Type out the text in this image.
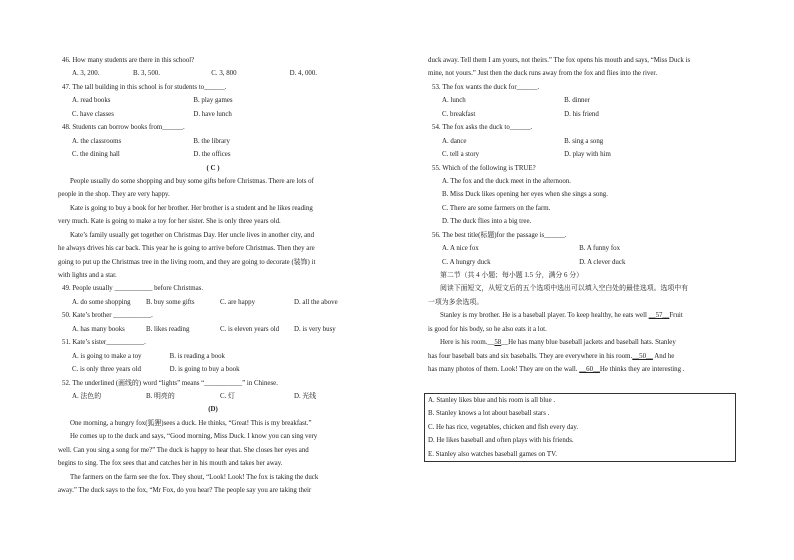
46. How many students are there in this school?
A. 3, 200.	B. 3, 500.	C. 3, 800	D. 4, 000.
47. The tall building in this school is for students to______.
A. read books	B. play games
C. have classes	D. have lunch
48. Students can borrow books from______.
A. the classrooms	B. the library
C. the dining hall	D. the offices
( C )
People usually do some shopping and buy some gifts before Christmas. There are lots of
people in the shop. They are very happy.
Kate is going to buy a book for her brother. Her brother is a student and he likes reading
very much. Kate is going to make a toy for her sister. She is only three years old.
Kate’s family usually get together on Christmas Day. Her uncle lives in another city, and
he always drives his car back. This year he is going to arrive before Christmas. Then they are
going to put up the Christmas tree in the living room, and they are going to decorate (装饰) it
with lights and a star.
49. People usually ___________ before Christmas.
A. do some shopping	B. buy some gifts	C. are happy	D. all the above
50. Kate’s brother ___________.
A. has many books	B. likes reading	C. is eleven years old	D. is very busy
51. Kate’s sister___________.
A. is going to make a toy	B. is reading a book
C. is only three years old	D. is going to buy a book
52. The underlined (画线的) word “lights” means “___________” in Chinese.
A. 法色的	B. 明亮的	C. 灯	D. 光线
(D)
One morning, a hungry fox(狐狸)sees a duck. He thinks, “Great! This is my breakfast.”
He comes up to the duck and says, “Good morning, Miss Duck. I know you can sing very
well. Can you sing a song for me?” The duck is happy to hear that. She closes her eyes and
begins to sing. The fox sees that and catches her in his mouth and takes her away.
The farmers on the farm see the fox. They shout, “Look! Look! The fox is taking the duck
away.” The duck says to the fox, “Mr Fox, do you hear? The people say you are taking their
duck away. Tell them I am yours, not theirs.” The fox opens his mouth and says, “Miss Duck is
mine, not yours.” Just then the duck runs away from the fox and flies into the river.
53. The fox wants the duck for______.
A. lunch	B. dinner
C. breakfast	D. his friend
54. The fox asks the duck to______.
A. dance	B. sing a song
C. tell a story	D. play with him
55. Which of the following is TRUE?
A. The fox and the duck meet in the afternoon.
B. Miss Duck likes opening her eyes when she sings a song.
C. There are some farmers on the farm.
D. The duck flies into a big tree.
56. The best title(标题)for the passage is______.
A. A nice fox	B. A funny fox
C. A hungry duck	D. A clever duck
第二节（共 4 小题；每小题 1.5 分，满分 6 分）
阅读下面短文，从短文后的五个选项中选出可以填入空白处的最佳选项。选项中有
一项为多余选项。
Stanley is my brother. He is a baseball player. To keep healthy, he eats well __57__Fruit
is good for his body, so he also eats it a lot.
Here is his room.__58__He has many blue baseball jackets and baseball hats. Stanley
has four baseball bats and six baseballs. They are everywhere in his room.__50__ And he
has many photos of them. Look! They are on the wall. __60__He thinks they are interesting .
A. Stanley likes blue and his room is all blue .
B. Stanley knows a lot about baseball stars .
C. He has rice, vegetables, chicken and fish every day.
D. He likes baseball and often plays with his friends.
E. Stanley also watches baseball games on TV.
